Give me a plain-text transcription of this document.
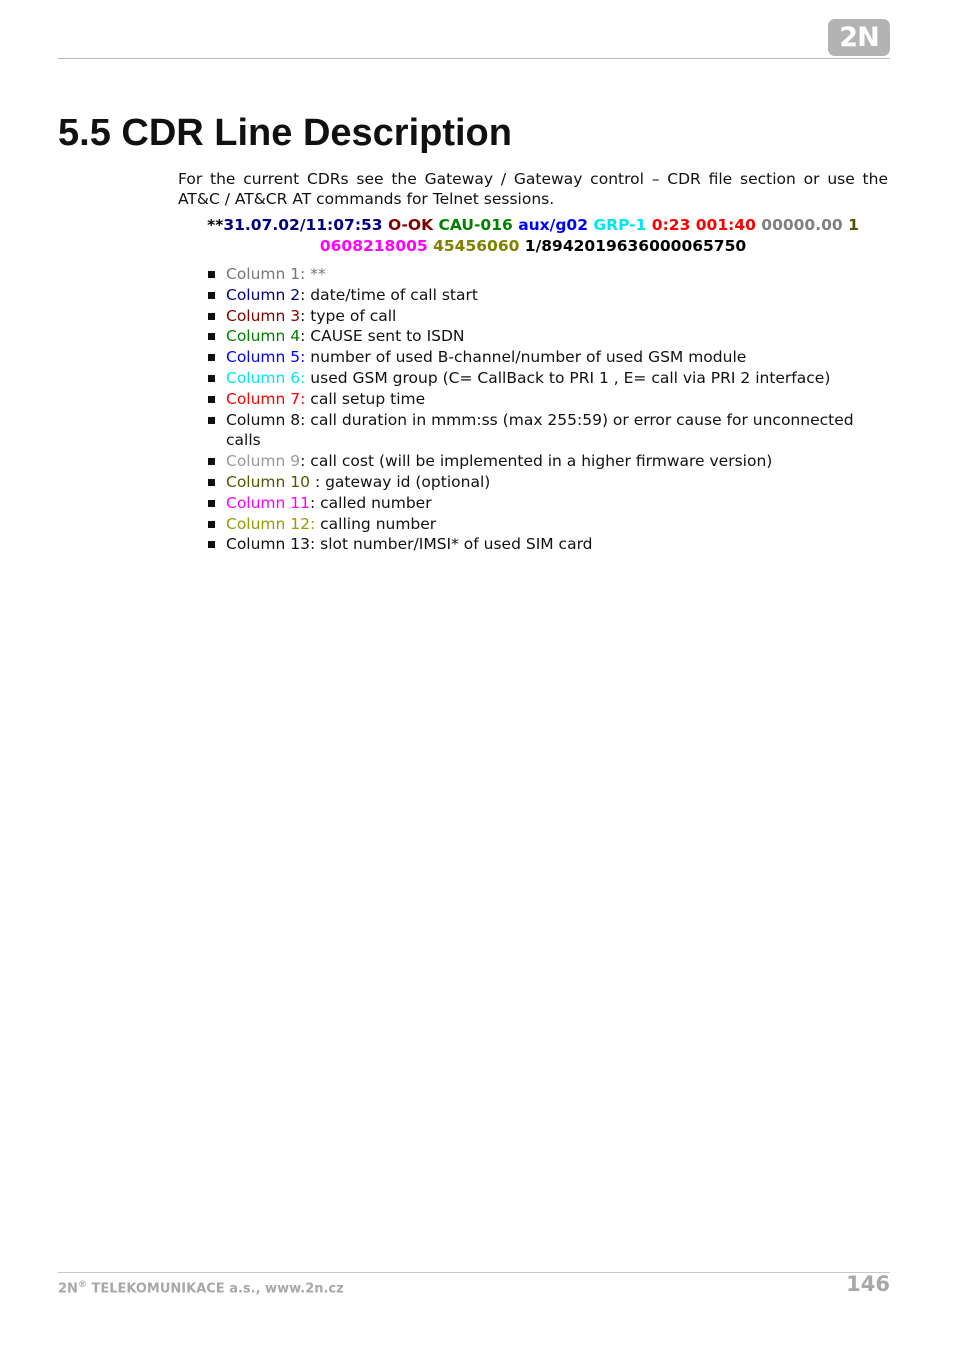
2N
5.5 CDR Line Description

For the current CDRs see the Gateway / Gateway control – CDR file section or use the AT&C / AT&CR AT commands for Telnet sessions.

**31.07.02/11:07:53 O-OK CAU-016 aux/g02 GRP-1 0:23 001:40 00000.00 1 0608218005 45456060 1/8942019636000065750

Column 1: **
Column 2: date/time of call start
Column 3: type of call
Column 4: CAUSE sent to ISDN
Column 5: number of used B-channel/number of used GSM module
Column 6: used GSM group (C= CallBack to PRI 1 , E= call via PRI 2 interface)
Column 7: call setup time
Column 8: call duration in mmm:ss (max 255:59) or error cause for unconnected calls
Column 9: call cost (will be implemented in a higher firmware version)
Column 10 : gateway id (optional)
Column 11: called number
Column 12: calling number
Column 13: slot number/IMSI* of used SIM card
2N® TELEKOMUNIKACE a.s., www.2n.cz	146
